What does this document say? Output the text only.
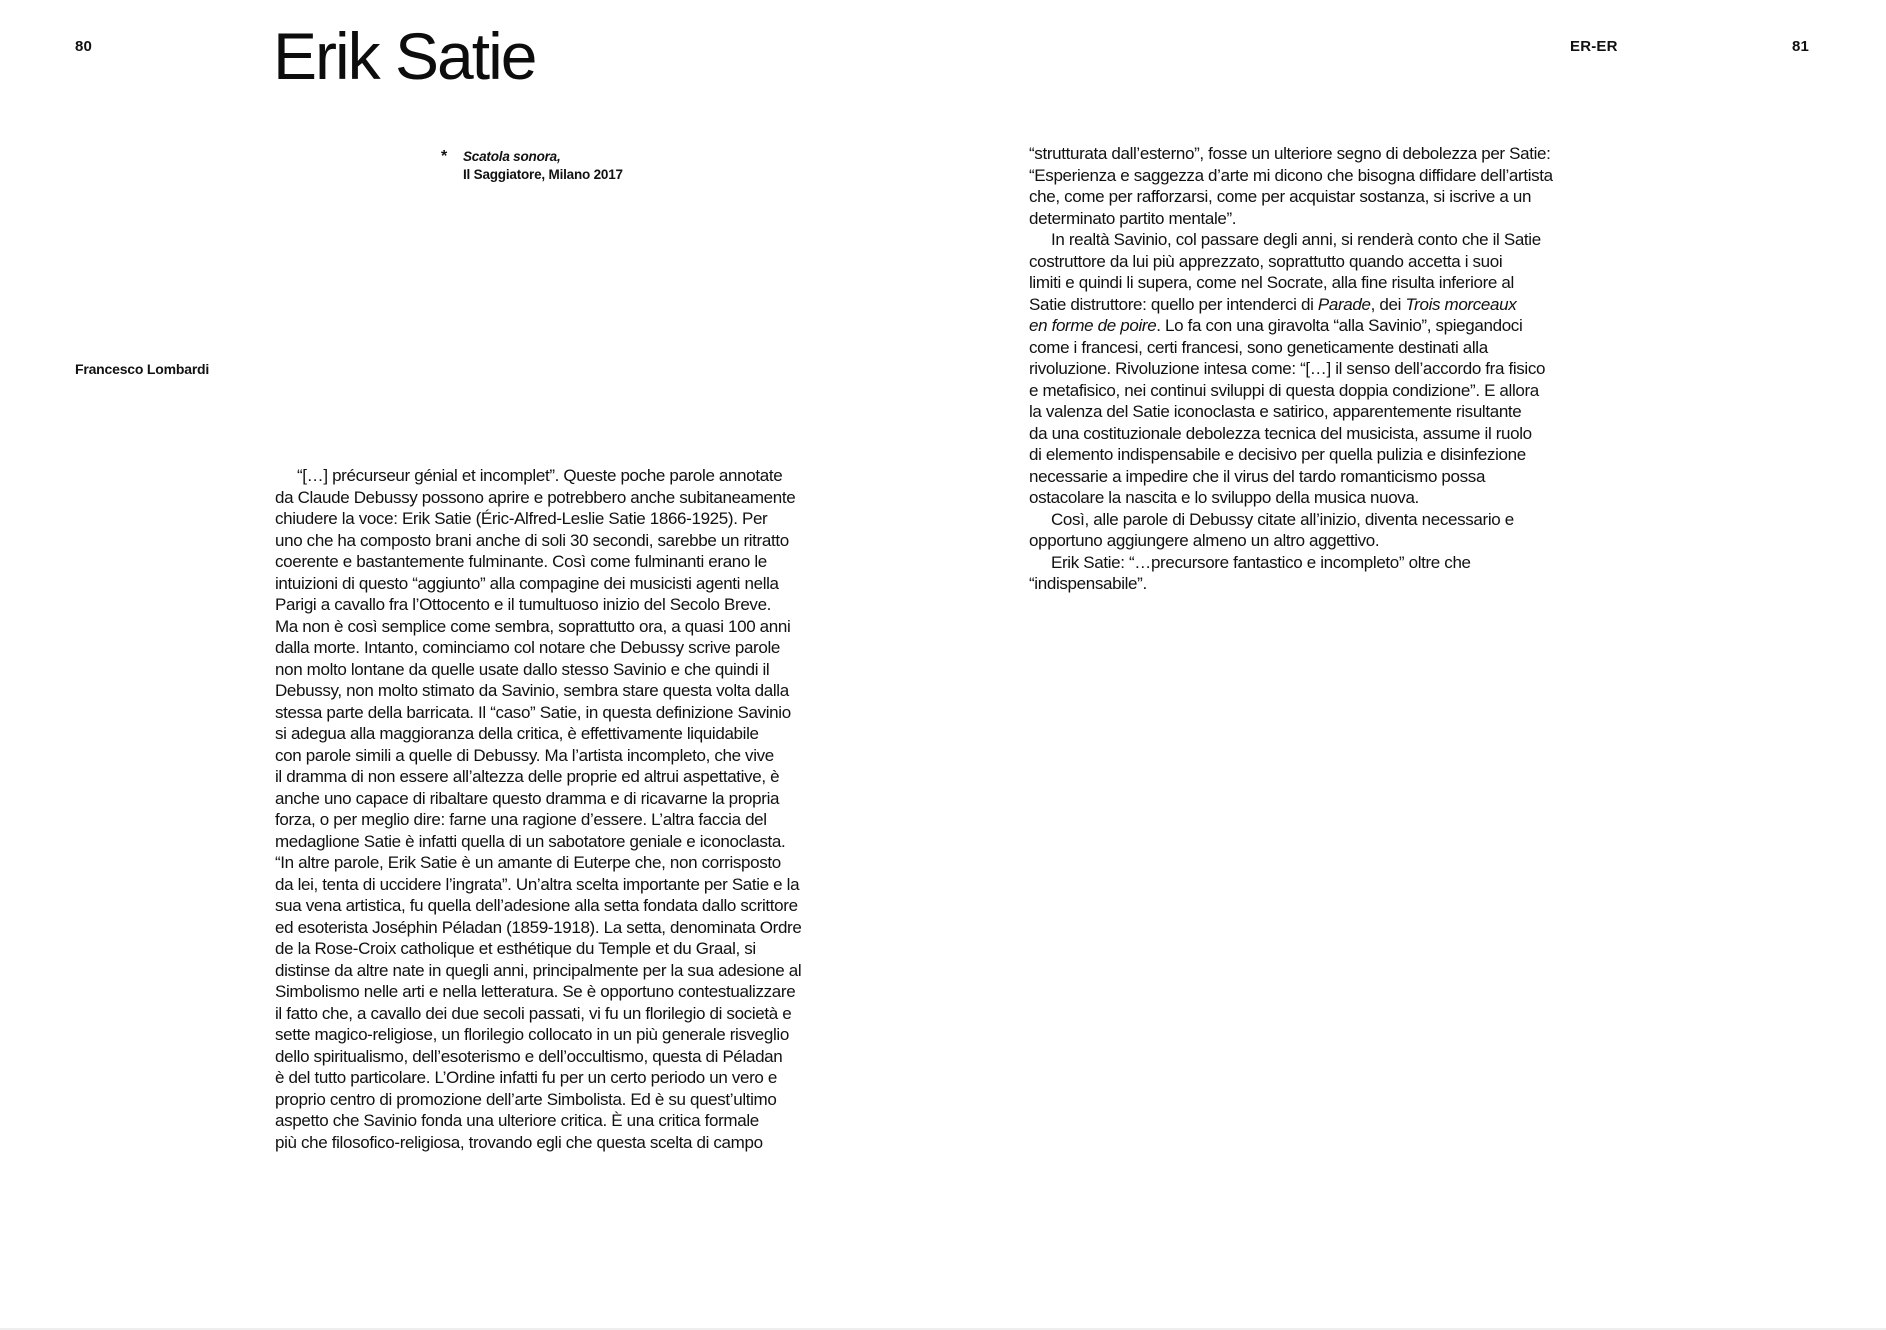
80	Erik Satie	ER-ER	81
* Scatola sonora,
Il Saggiatore, Milano 2017
Francesco Lombardi
“[…] précurseur génial et incomplet”. Queste poche parole annotate
da Claude Debussy possono aprire e potrebbero anche subitaneamente
chiudere la voce: Erik Satie (Éric-Alfred-Leslie Satie 1866-1925). Per
uno che ha composto brani anche di soli 30 secondi, sarebbe un ritratto
coerente e bastantemente fulminante. Così come fulminanti erano le
intuizioni di questo “aggiunto” alla compagine dei musicisti agenti nella
Parigi a cavallo fra l’Ottocento e il tumultuoso inizio del Secolo Breve.
Ma non è così semplice come sembra, soprattutto ora, a quasi 100 anni
dalla morte. Intanto, cominciamo col notare che Debussy scrive parole
non molto lontane da quelle usate dallo stesso Savinio e che quindi il
Debussy, non molto stimato da Savinio, sembra stare questa volta dalla
stessa parte della barricata. Il “caso” Satie, in questa definizione Savinio
si adegua alla maggioranza della critica, è effettivamente liquidabile
con parole simili a quelle di Debussy. Ma l’artista incompleto, che vive
il dramma di non essere all’altezza delle proprie ed altrui aspettative, è
anche uno capace di ribaltare questo dramma e di ricavarne la propria
forza, o per meglio dire: farne una ragione d’essere. L’altra faccia del
medaglione Satie è infatti quella di un sabotatore geniale e iconoclasta.
“In altre parole, Erik Satie è un amante di Euterpe che, non corrisposto
da lei, tenta di uccidere l’ingrata”. Un’altra scelta importante per Satie e la
sua vena artistica, fu quella dell’adesione alla setta fondata dallo scrittore
ed esoterista Joséphin Péladan (1859-1918). La setta, denominata Ordre
de la Rose-Croix catholique et esthétique du Temple et du Graal, si
distinse da altre nate in quegli anni, principalmente per la sua adesione al
Simbolismo nelle arti e nella letteratura. Se è opportuno contestualizzare
il fatto che, a cavallo dei due secoli passati, vi fu un florilegio di società e
sette magico-religiose, un florilegio collocato in un più generale risveglio
dello spiritualismo, dell’esoterismo e dell’occultismo, questa di Péladan
è del tutto particolare. L’Ordine infatti fu per un certo periodo un vero e
proprio centro di promozione dell’arte Simbolista. Ed è su quest’ultimo
aspetto che Savinio fonda una ulteriore critica. È una critica formale
più che filosofico-religiosa, trovando egli che questa scelta di campo
“strutturata dall’esterno”, fosse un ulteriore segno di debolezza per Satie:
“Esperienza e saggezza d’arte mi dicono che bisogna diffidare dell’artista
che, come per rafforzarsi, come per acquistar sostanza, si iscrive a un
determinato partito mentale”.
In realtà Savinio, col passare degli anni, si renderà conto che il Satie
costruttore da lui più apprezzato, soprattutto quando accetta i suoi
limiti e quindi li supera, come nel Socrate, alla fine risulta inferiore al
Satie distruttore: quello per intenderci di Parade, dei Trois morceaux
en forme de poire. Lo fa con una giravolta “alla Savinio”, spiegandoci
come i francesi, certi francesi, sono geneticamente destinati alla
rivoluzione. Rivoluzione intesa come: “[…] il senso dell’accordo fra fisico
e metafisico, nei continui sviluppi di questa doppia condizione”. E allora
la valenza del Satie iconoclasta e satirico, apparentemente risultante
da una costituzionale debolezza tecnica del musicista, assume il ruolo
di elemento indispensabile e decisivo per quella pulizia e disinfezione
necessarie a impedire che il virus del tardo romanticismo possa
ostacolare la nascita e lo sviluppo della musica nuova.
Così, alle parole di Debussy citate all’inizio, diventa necessario e
opportuno aggiungere almeno un altro aggettivo.
Erik Satie: “…precursore fantastico e incompleto” oltre che
“indispensabile”.
